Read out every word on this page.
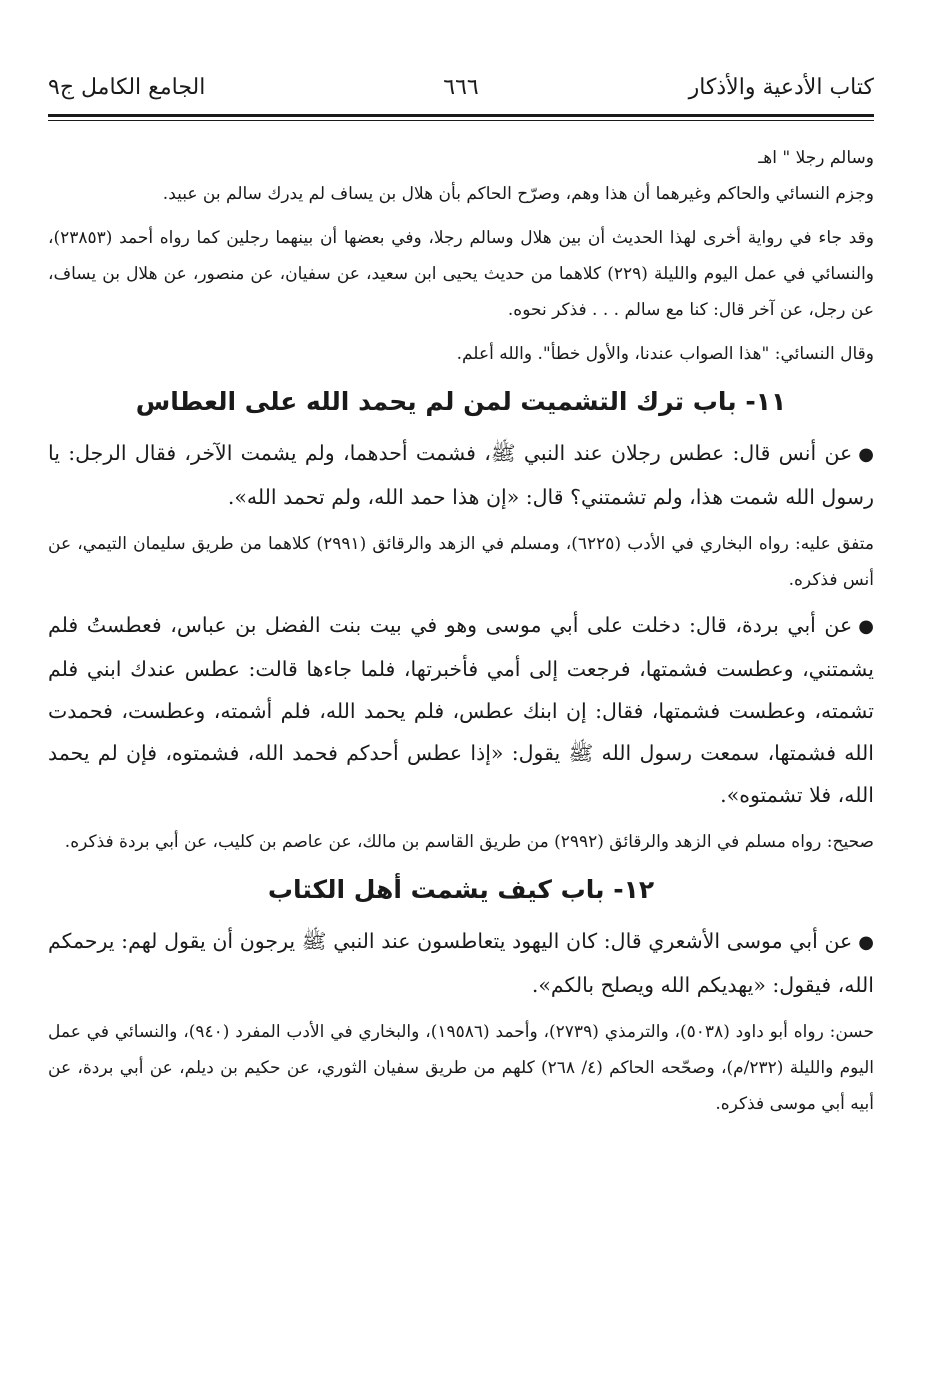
كتاب الأدعية والأذكار
٦٦٦
الجامع الكامل ج٩

وسالم رجلا " اهـ

وجزم النسائي والحاكم وغيرهما أن هذا وهم، وصرّح الحاكم بأن هلال بن يساف لم يدرك سالم بن عبيد.

وقد جاء في رواية أخرى لهذا الحديث أن بين هلال وسالم رجلا، وفي بعضها أن بينهما رجلين كما رواه أحمد (٢٣٨٥٣)، والنسائي في عمل اليوم والليلة (٢٢٩) كلاهما من حديث يحيى ابن سعيد، عن سفيان، عن منصور، عن هلال بن يساف، عن رجل، عن آخر قال: كنا مع سالم . . . فذكر نحوه.

وقال النسائي: "هذا الصواب عندنا، والأول خطأ". والله أعلم.

١١- باب ترك التشميت لمن لم يحمد الله على العطاس

●عن أنس قال: عطس رجلان عند النبي ﷺ، فشمت أحدهما، ولم يشمت الآخر، فقال الرجل: يا رسول الله شمت هذا، ولم تشمتني؟ قال: «إن هذا حمد الله، ولم تحمد الله».

متفق عليه: رواه البخاري في الأدب (٦٢٢٥)، ومسلم في الزهد والرقائق (٢٩٩١) كلاهما من طريق سليمان التيمي، عن أنس فذكره.

●عن أبي بردة، قال: دخلت على أبي موسى وهو في بيت بنت الفضل بن عباس، فعطستُ فلم يشمتني، وعطست فشمتها، فرجعت إلى أمي فأخبرتها، فلما جاءها قالت: عطس عندك ابني فلم تشمته، وعطست فشمتها، فقال: إن ابنك عطس، فلم يحمد الله، فلم أشمته، وعطست، فحمدت الله فشمتها، سمعت رسول الله ﷺ يقول: «إذا عطس أحدكم فحمد الله، فشمتوه، فإن لم يحمد الله، فلا تشمتوه».

صحيح: رواه مسلم في الزهد والرقائق (٢٩٩٢) من طريق القاسم بن مالك، عن عاصم بن كليب، عن أبي بردة فذكره.

١٢- باب كيف يشمت أهل الكتاب

●عن أبي موسى الأشعري قال: كان اليهود يتعاطسون عند النبي ﷺ يرجون أن يقول لهم: يرحمكم الله، فيقول: «يهديكم الله ويصلح بالكم».

حسن: رواه أبو داود (٥٠٣٨)، والترمذي (٢٧٣٩)، وأحمد (١٩٥٨٦)، والبخاري في الأدب المفرد (٩٤٠)، والنسائي في عمل اليوم والليلة (٢٣٢/م)، وصحّحه الحاكم (٤/ ٢٦٨) كلهم من طريق سفيان الثوري، عن حكيم بن ديلم، عن أبي بردة، عن أبيه أبي موسى فذكره.
